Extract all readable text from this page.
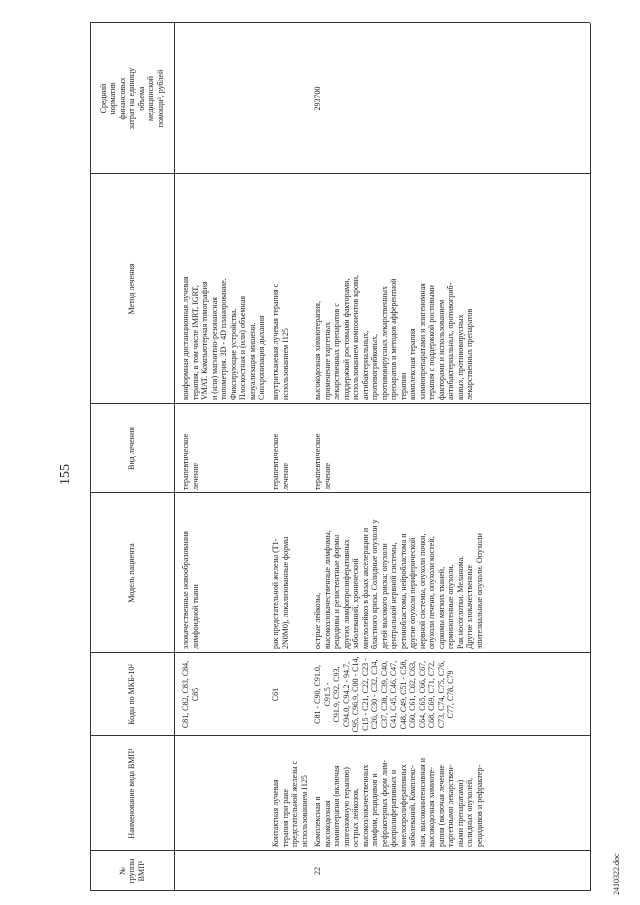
155
№
группы
ВМП¹
Наименование вида ВМП¹
Коды по МКБ-10²
Модель пациента
Вид лечения
Метод лечения
Средний
норматив
финансовых
затрат на единицу
объема
медицинской
помощи³, рублей
C81, C82, C83, C84,
C85
злокачественные новообразования
лимфоидной ткани
терапевтическое
лечение
конформная дистанционная лучевая
терапия, в том числе IMRT, IGRT,
VMAT. Компьютерная томография
и (или) магнитно-резонансная
топометрия. 3D - 4D планирование.
Фиксирующие устройства.
Плоскостная и (или) объемная
визуализация мишени.
Синхронизация дыхания
Контактная лучевая
терапия при раке
предстательной железы с
использованием I125
C61
рак предстательной железы (T1-
2N0M0), локализованные формы
терапевтическое
лечение
внутритканевая лучевая терапия с
использованием I125
22
Комплексная и
высокодозная
химиотерапия (включая
эпигеномную терапию)
острых лейкозов,
высокозлокачественных
лимфом, рецидивов и
рефрактерных форм лим-
фопролиферативных и
миелопролиферативных
заболеваний. Комплекс-
ная, высокоинтенсивная и
высокодозная химиоте-
рапия (включая лечение
таргетными лекарствен-
ными препаратами)
солидных опухолей,
рецидивов и рефрактер-
C81 - C90, C91.0, C91.5 -
C91.9, C92, C93,
C94.0, C94.2 - 94.7,
C95, C96.9, C00 - C14,
C15 - C21, C22, C23 -
C26, C30 - C32, C34,
C37, C38, C39, C40,
C41, C45, C46, C47,
C48, C49, C51 - C58,
C60, C61, C62, C63,
C64, C65, C66, C67,
C68, C69, C71, C72,
C73, C74, C75, C76,
C77, C78, C79
острые лейкозы,
высокозлокачественные лимфомы,
рецидивы и резистентные формы
других лимфопролиферативных
заболеваний, хронический
миелолейкоз в фазах акселерации и
бластного криза. Солидные опухоли у
детей высокого риска: опухоли
центральной нервной системы,
ретинобластома, нейробластома и
другие опухоли периферической
нервной системы, опухоли почки,
опухоли печени, опухоли костей,
саркомы мягких тканей,
герминогенные опухоли.
Рак носоглотки. Меланома.
Другие злокачественные
эпителиальные опухоли. Опухоли
терапевтическое
лечение
высокодозная химиотерапия,
применение таргетных
лекарственных препаратов с
поддержкой ростовыми факторами,
использованием компонентов крови,
антибактериальных,
противогрибковых,
противовирусных лекарственных
препаратов и методов афферентной
терапии
комплексная терапия
химиопрепаратами и эпигеномная
терапия с поддержкой ростовыми
факторами и использованием
антибактериальных, противогриб-
ковых, противовирусных
лекарственных препаратов
293700
2410322.doc
